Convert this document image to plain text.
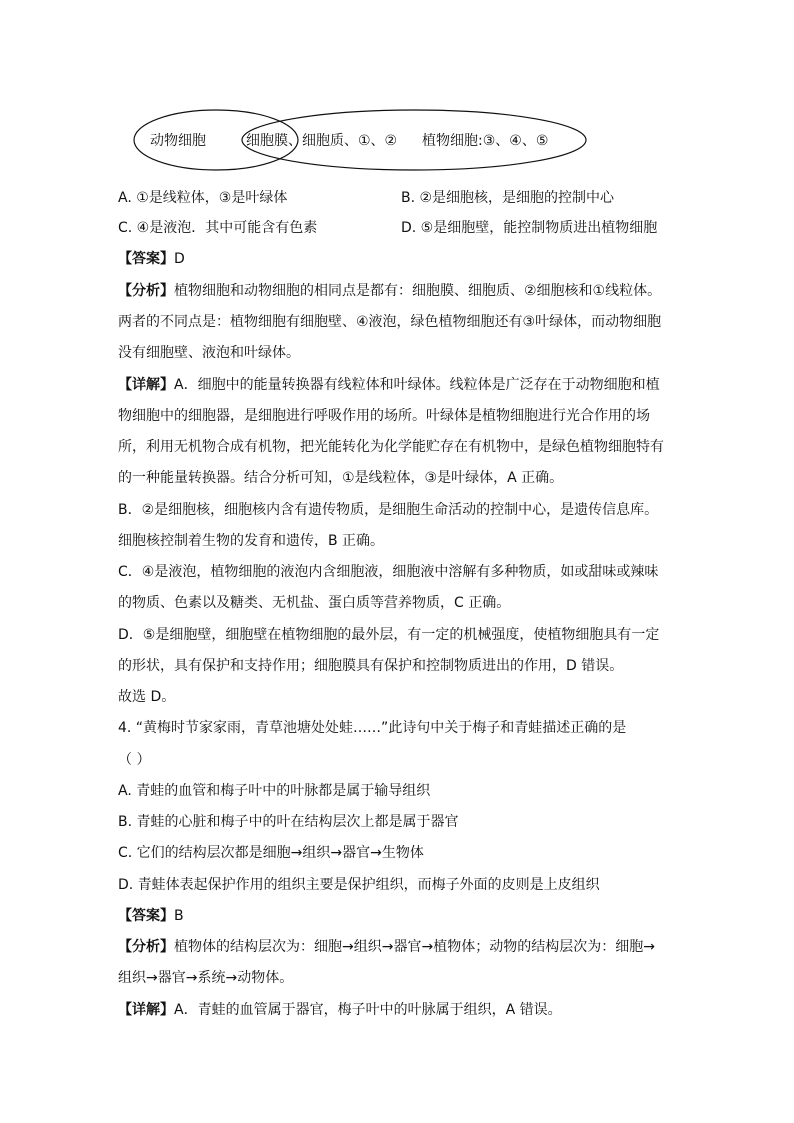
动物细胞	细胞膜、细胞质、①、② 植物细胞:③、④、⑤
A. ①是线粒体，③是叶绿体	B. ②是细胞核，是细胞的控制中心
C. ④是液泡．其中可能含有色素	D. ⑤是细胞壁，能控制物质进出植物细胞
【答案】D
【分析】植物细胞和动物细胞的相同点是都有：细胞膜、细胞质、②细胞核和①线粒体。
两者的不同点是：植物细胞有细胞壁、④液泡，绿色植物细胞还有③叶绿体，而动物细胞
没有细胞壁、液泡和叶绿体。
【详解】A．细胞中的能量转换器有线粒体和叶绿体。线粒体是广泛存在于动物细胞和植
物细胞中的细胞器，是细胞进行呼吸作用的场所。叶绿体是植物细胞进行光合作用的场
所，利用无机物合成有机物，把光能转化为化学能贮存在有机物中，是绿色植物细胞特有
的一种能量转换器。结合分析可知，①是线粒体，③是叶绿体，A 正确。
B．②是细胞核，细胞核内含有遗传物质，是细胞生命活动的控制中心，是遗传信息库。
细胞核控制着生物的发育和遗传，B 正确。
C．④是液泡，植物细胞的液泡内含细胞液，细胞液中溶解有多种物质，如或甜味或辣味
的物质、色素以及糖类、无机盐、蛋白质等营养物质，C 正确。
D．⑤是细胞壁，细胞壁在植物细胞的最外层，有一定的机械强度，使植物细胞具有一定
的形状，具有保护和支持作用；细胞膜具有保护和控制物质进出的作用，D 错误。
故选 D。
4. “黄梅时节家家雨，青草池塘处处蛙……”此诗句中关于梅子和青蛙描述正确的是
（ ）
A. 青蛙的血管和梅子叶中的叶脉都是属于输导组织
B. 青蛙的心脏和梅子中的叶在结构层次上都是属于器官
C. 它们的结构层次都是细胞→组织→器官→生物体
D. 青蛙体表起保护作用的组织主要是保护组织，而梅子外面的皮则是上皮组织
【答案】B
【分析】植物体的结构层次为：细胞→组织→器官→植物体；动物的结构层次为：细胞→
组织→器官→系统→动物体。
【详解】A．青蛙的血管属于器官，梅子叶中的叶脉属于组织，A 错误。
